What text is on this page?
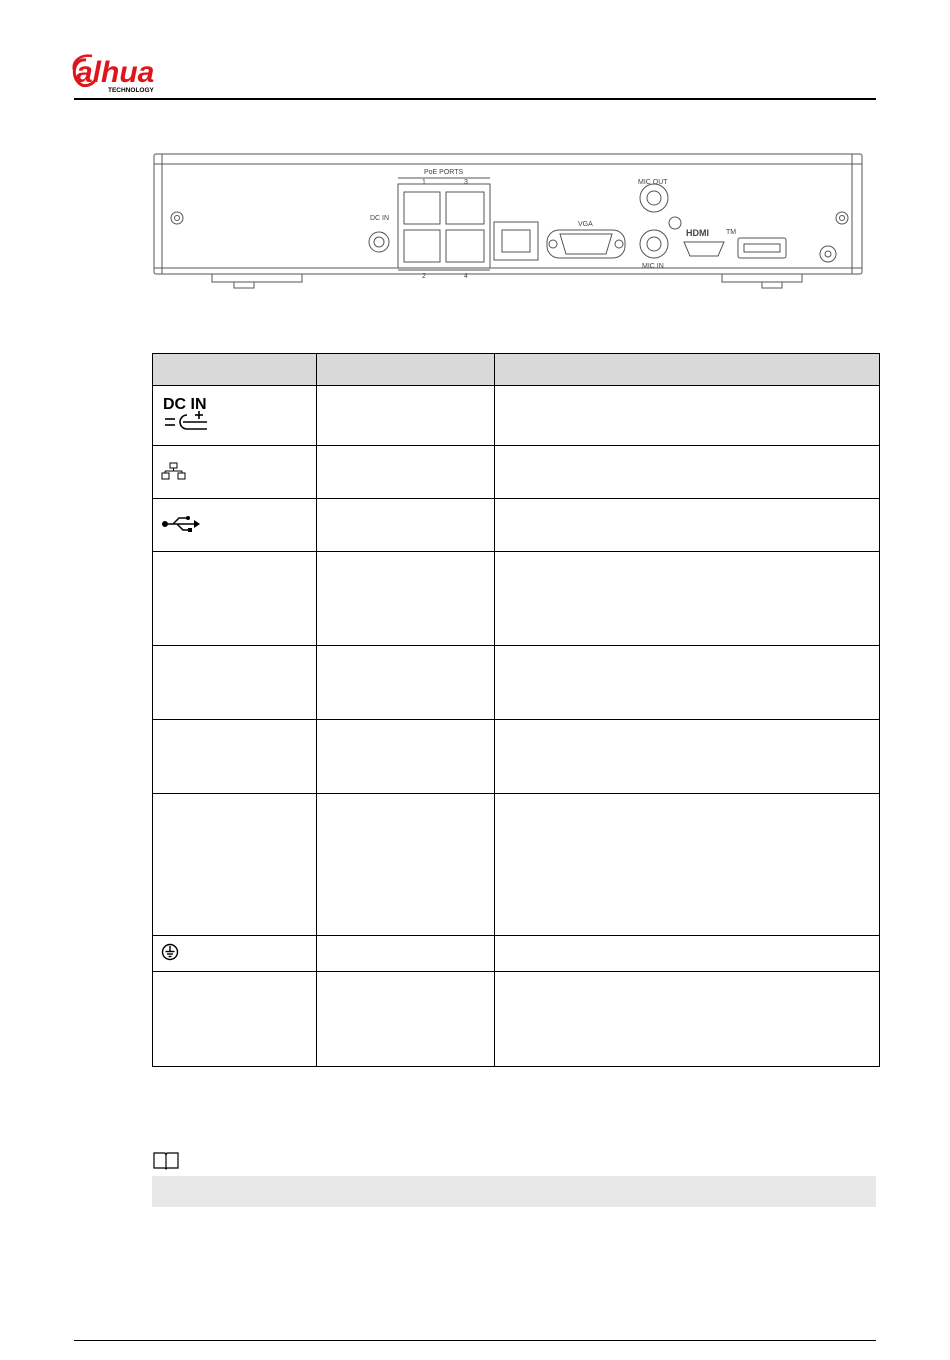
alhua
TECHNOLOGY
PoE PORTS
1	3
2	4
DC IN
VGA
MIC OUT
MIC IN
HDMI TM

DC IN		
